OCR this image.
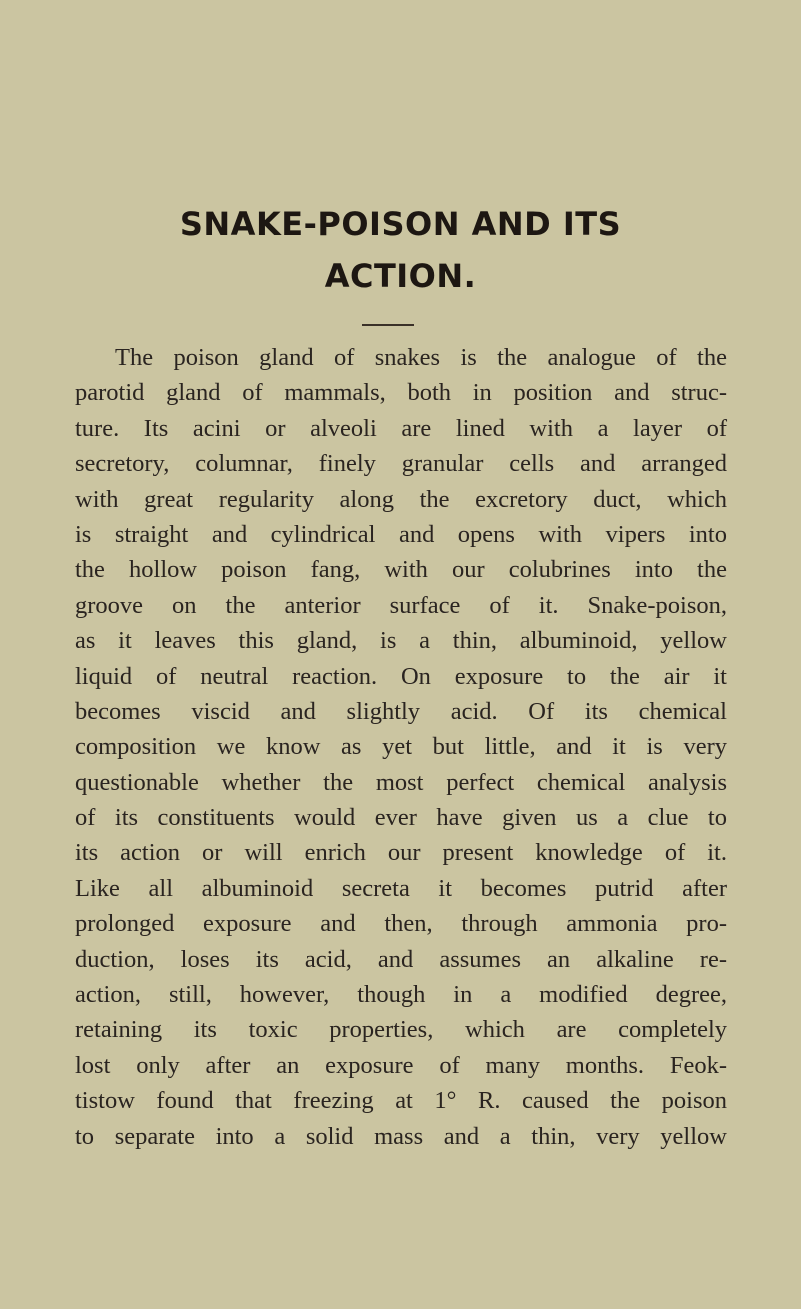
SNAKE-POISON AND ITS
ACTION.
The poison gland of snakes is the analogue of the
parotid gland of mammals, both in position and struc-
ture. Its acini or alveoli are lined with a layer of
secretory, columnar, finely granular cells and arranged
with great regularity along the excretory duct, which
is straight and cylindrical and opens with vipers into
the hollow poison fang, with our colubrines into the
groove on the anterior surface of it. Snake-poison,
as it leaves this gland, is a thin, albuminoid, yellow
liquid of neutral reaction. On exposure to the air it
becomes viscid and slightly acid. Of its chemical
composition we know as yet but little, and it is very
questionable whether the most perfect chemical analysis
of its constituents would ever have given us a clue to
its action or will enrich our present knowledge of it.
Like all albuminoid secreta it becomes putrid after
prolonged exposure and then, through ammonia pro-
duction, loses its acid, and assumes an alkaline re-
action, still, however, though in a modified degree,
retaining its toxic properties, which are completely
lost only after an exposure of many months. Feok-
tistow found that freezing at 1° R. caused the poison
to separate into a solid mass and a thin, very yellow
